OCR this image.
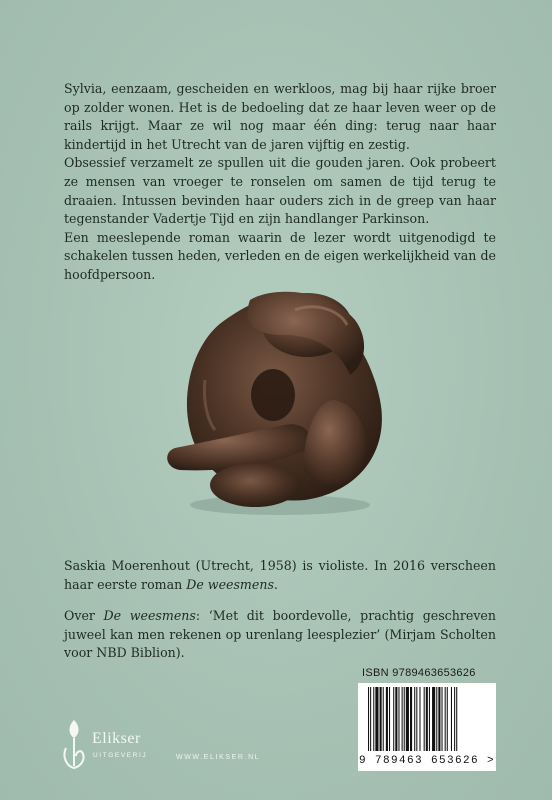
Sylvia, eenzaam, gescheiden en werkloos, mag bij haar rijke broer op zolder wonen. Het is de bedoeling dat ze haar leven weer op de rails krijgt. Maar ze wil nog maar één ding: terug naar haar kindertijd in het Utrecht van de jaren vijftig en zestig.

Obsessief verzamelt ze spullen uit die gouden jaren. Ook probeert ze mensen van vroeger te ronselen om samen de tijd terug te draaien. Intussen bevinden haar ouders zich in de greep van haar tegenstander Vadertje Tijd en zijn handlanger Parkinson.

Een meeslepende roman waarin de lezer wordt uitgenodigd te schakelen tussen heden, verleden en de eigen werkelijkheid van de hoofdpersoon.

Saskia Moerenhout (Utrecht, 1958) is violiste. In 2016 verscheen haar eerste roman De weesmens.

Over De weesmens: ‘Met dit boordevolle, prachtig geschreven juweel kan men rekenen op urenlang leesplezier’ (Mirjam Scholten voor NBD Biblion).

ISBN 9789463653626
9 789463 653626 >
Elikser
UITGEVERIJ	WWW.ELIKSER.NL
